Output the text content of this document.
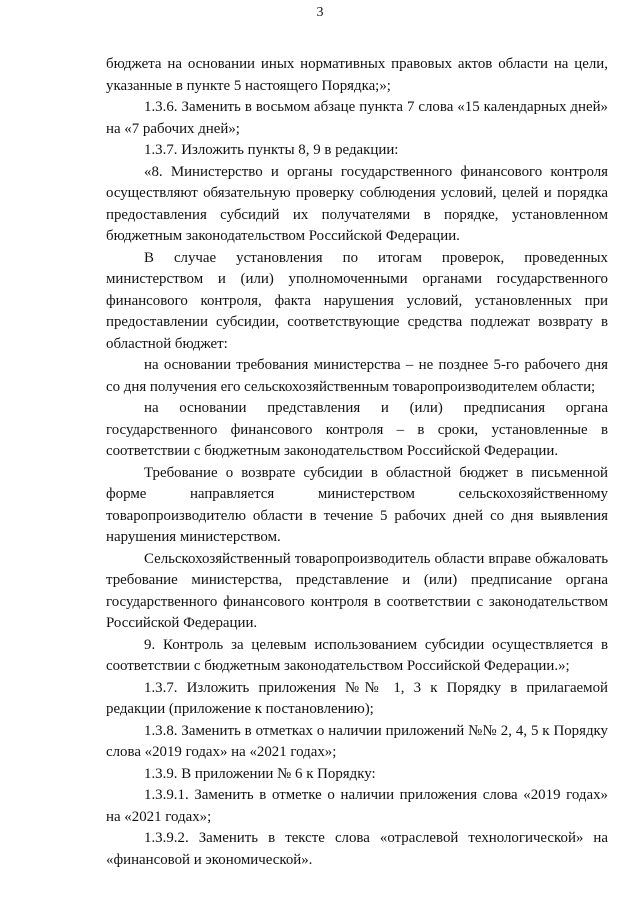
3

бюджета на основании иных нормативных правовых актов области на цели, указанные в пункте 5 настоящего Порядка;»;

1.3.6. Заменить в восьмом абзаце пункта 7 слова «15 календарных дней» на «7 рабочих дней»;

1.3.7. Изложить пункты 8, 9 в редакции:

«8. Министерство и органы государственного финансового контроля осуществляют обязательную проверку соблюдения условий, целей и порядка предоставления субсидий их получателями в порядке, установленном бюджетным законодательством Российской Федерации.

В случае установления по итогам проверок, проведенных министерством и (или) уполномоченными органами государственного финансового контроля, факта нарушения условий, установленных при предоставлении субсидии, соответствующие средства подлежат возврату в областной бюджет:

на основании требования министерства – не позднее 5-го рабочего дня со дня получения его сельскохозяйственным товаропроизводителем области;

на основании представления и (или) предписания органа государственного финансового контроля – в сроки, установленные в соответствии с бюджетным законодательством Российской Федерации.

Требование о возврате субсидии в областной бюджет в письменной форме направляется министерством сельскохозяйственному товаропроизводителю области в течение 5 рабочих дней со дня выявления нарушения министерством.

Сельскохозяйственный товаропроизводитель области вправе обжаловать требование министерства, представление и (или) предписание органа государственного финансового контроля в соответствии с законодательством Российской Федерации.

9. Контроль за целевым использованием субсидии осуществляется в соответствии с бюджетным законодательством Российской Федерации.»;

1.3.7. Изложить приложения №№ 1, 3 к Порядку в прилагаемой редакции (приложение к постановлению);

1.3.8. Заменить в отметках о наличии приложений №№ 2, 4, 5 к Порядку слова «2019 годах» на «2021 годах»;

1.3.9. В приложении № 6 к Порядку:

1.3.9.1. Заменить в отметке о наличии приложения слова «2019 годах» на «2021 годах»;

1.3.9.2. Заменить в тексте слова «отраслевой технологической» на «финансовой и экономической».
